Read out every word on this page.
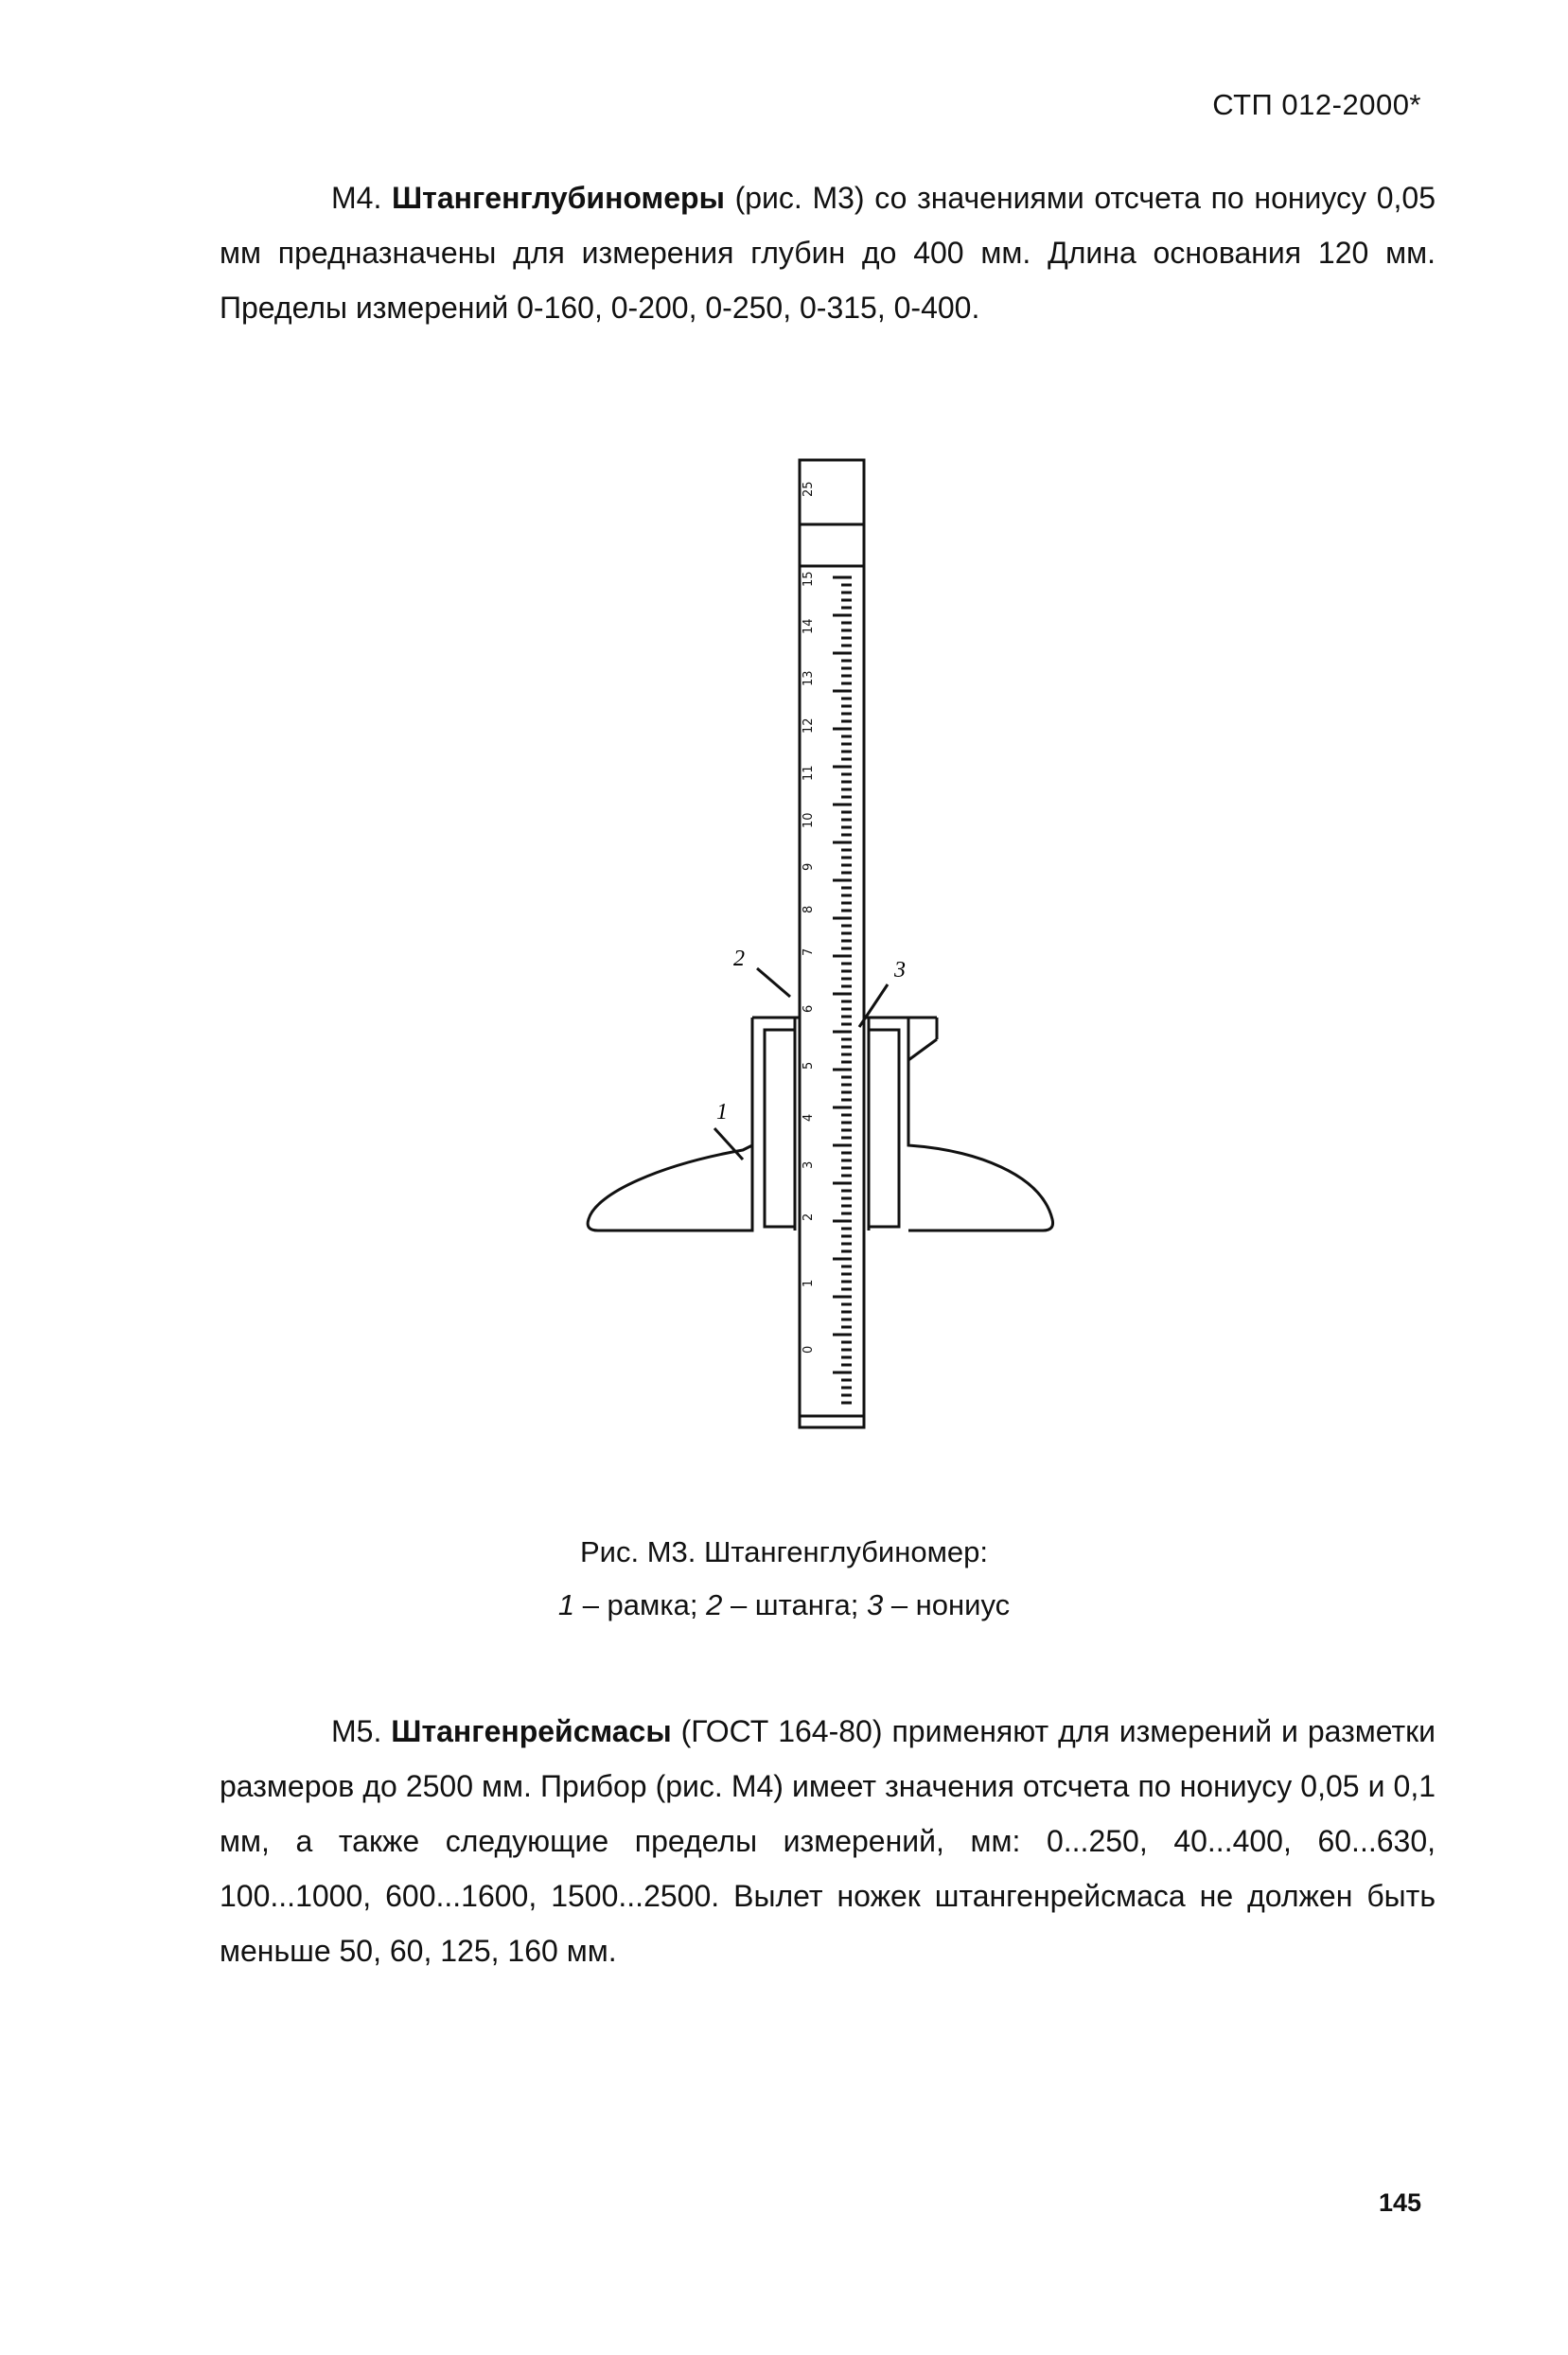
СТП 012-2000*

М4. Штангенглубиномеры (рис. М3) со значениями отсчета по нониусу 0,05 мм предназначены для измерения глубин до 400 мм. Длина основания 120 мм. Пределы измерений 0-160, 0-200, 0-250, 0-315, 0-400.

25
15
14
13
12
11
10
9
8
7
6
5
4
3
2
1
0
1
2	3
Рис. М3. Штангенглубиномер:
1 – рамка; 2 – штанга; 3 – нониус

М5. Штангенрейсмасы (ГОСТ 164-80) применяют для измерений и разметки размеров до 2500 мм. Прибор (рис. М4) имеет значения отсчета по нониусу 0,05 и 0,1 мм, а также следующие пределы измерений, мм: 0...250, 40...400, 60...630, 100...1000, 600...1600, 1500...2500. Вылет ножек штангенрейсмаса не должен быть меньше 50, 60, 125, 160 мм.

145
